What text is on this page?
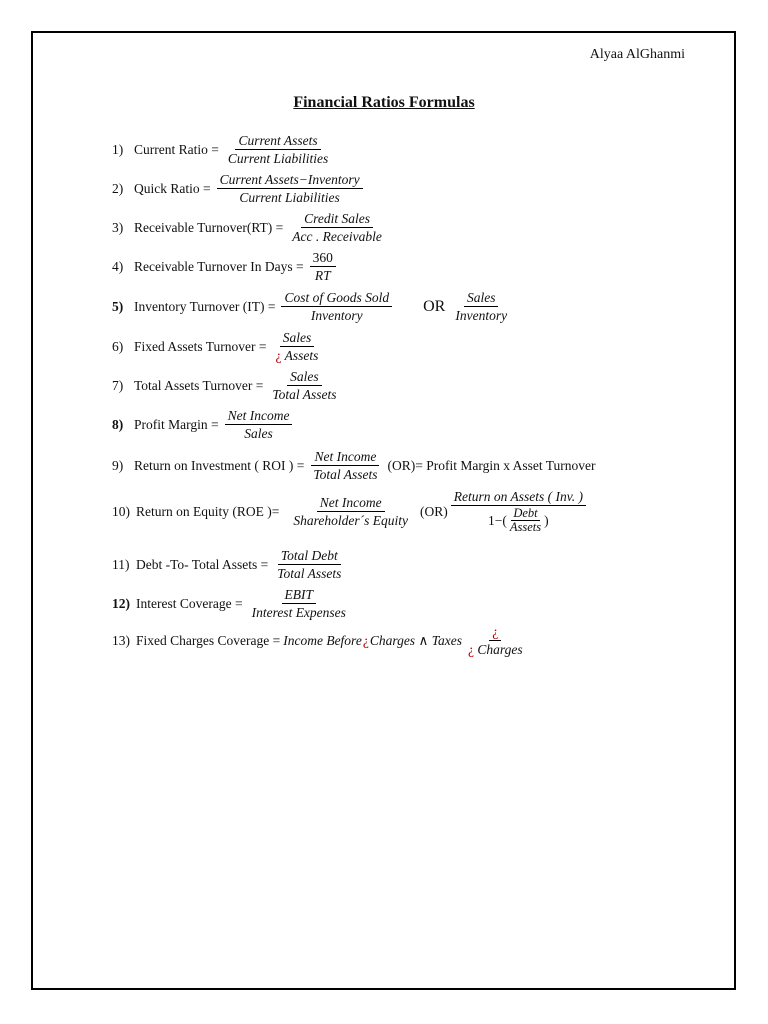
Alyaa AlGhanmi
Financial Ratios Formulas
1) Current Ratio = $\frac{\text{Current Assets}}{\text{Current Liabilities}}$
2) Quick Ratio = $\frac{\text{Current Assets−Inventory}}{\text{Current Liabilities}}$
3) Receivable Turnover(RT) = $\frac{\text{Credit Sales}}{\text{Acc . Receivable}}$
4) Receivable Turnover In Days = $\frac{360}{RT}$
5) Inventory Turnover $(IT) = \frac{\text{Cost of Goods Sold}}{\text{Inventory}}$ OR $\frac{\text{Sales}}{\text{Inventory}}$
6) Fixed Assets Turnover = $\frac{\text{Sales}}{\text{¿ Assets}}$
7) Total Assets Turnover = $\frac{\text{Sales}}{\text{Total Assets}}$
8) Profit Margin = $\frac{\text{Net Income}}{\text{Sales}}$
9) Return on Investment ( ROI ) = $\frac{\text{Net Income}}{\text{Total Assets}} (OR)=$ Profit Margin x Asset Turnover
10) Return on Equity (ROE )= $\frac{\text{Net Income}}{\text{Shareholder´s Equity}} (OR)$
Return on Assets ( Inv. )
$1-( \frac{\text{Debt}}{\text{Assets}}$ )
11) Debt -To- Total Assets = $\frac{\text{Total Debt}}{\text{Total Assets}}$
12) Interest Coverage = $\frac{\text{EBIT}}{\text{Interest Expenses}}$
13) Fixed Charges Coverage = Income Before ¿ Charges ∧ Taxes $\frac{¿}{\text{¿ Charges}}$
